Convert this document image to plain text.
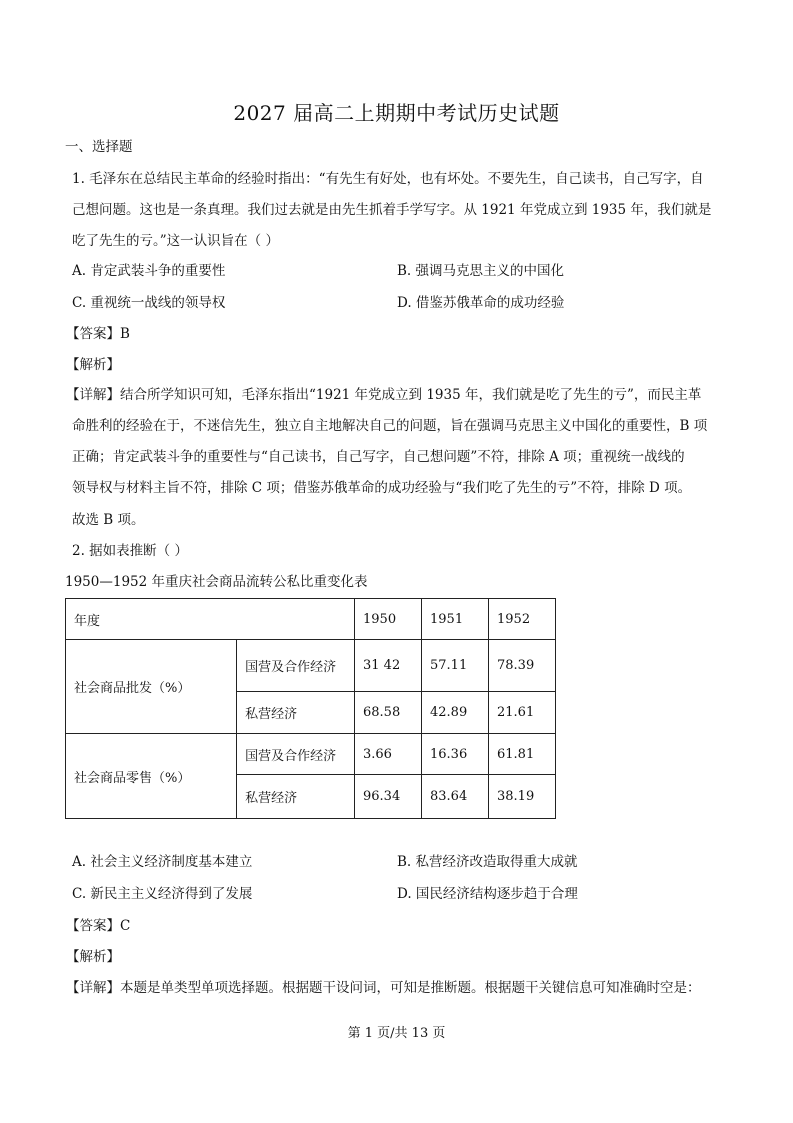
2027 届高二上期期中考试历史试题
一、选择题
1. 毛泽东在总结民主革命的经验时指出：“有先生有好处，也有坏处。不要先生，自己读书，自己写字，自
己想问题。这也是一条真理。我们过去就是由先生抓着手学写字。从 1921 年党成立到 1935 年，我们就是
吃了先生的亏。”这一认识旨在（ ）
A. 肯定武装斗争的重要性	B. 强调马克思主义的中国化
C. 重视统一战线的领导权	D. 借鉴苏俄革命的成功经验
【答案】B
【解析】
【详解】结合所学知识可知，毛泽东指出“1921 年党成立到 1935 年，我们就是吃了先生的亏”，而民主革
命胜利的经验在于，不迷信先生，独立自主地解决自己的问题，旨在强调马克思主义中国化的重要性，B 项
正确；肯定武装斗争的重要性与“自己读书，自己写字，自己想问题”不符，排除 A 项；重视统一战线的
领导权与材料主旨不符，排除 C 项；借鉴苏俄革命的成功经验与“我们吃了先生的亏”不符，排除 D 项。
故选 B 项。
2. 据如表推断（ ）
1950—1952 年重庆社会商品流转公私比重变化表
年度		1950	1951	1952
社会商品批发（%）	国营及合作经济	31 42	57.11	78.39
	私营经济	68.58	42.89	21.61
社会商品零售（%）	国营及合作经济	3.66	16.36	61.81
	私营经济	96.34	83.64	38.19
A. 社会主义经济制度基本建立	B. 私营经济改造取得重大成就
C. 新民主主义经济得到了发展	D. 国民经济结构逐步趋于合理
【答案】C
【解析】
【详解】本题是单类型单项选择题。根据题干设问词，可知是推断题。根据题干关键信息可知准确时空是：
第 1 页/共 13 页
